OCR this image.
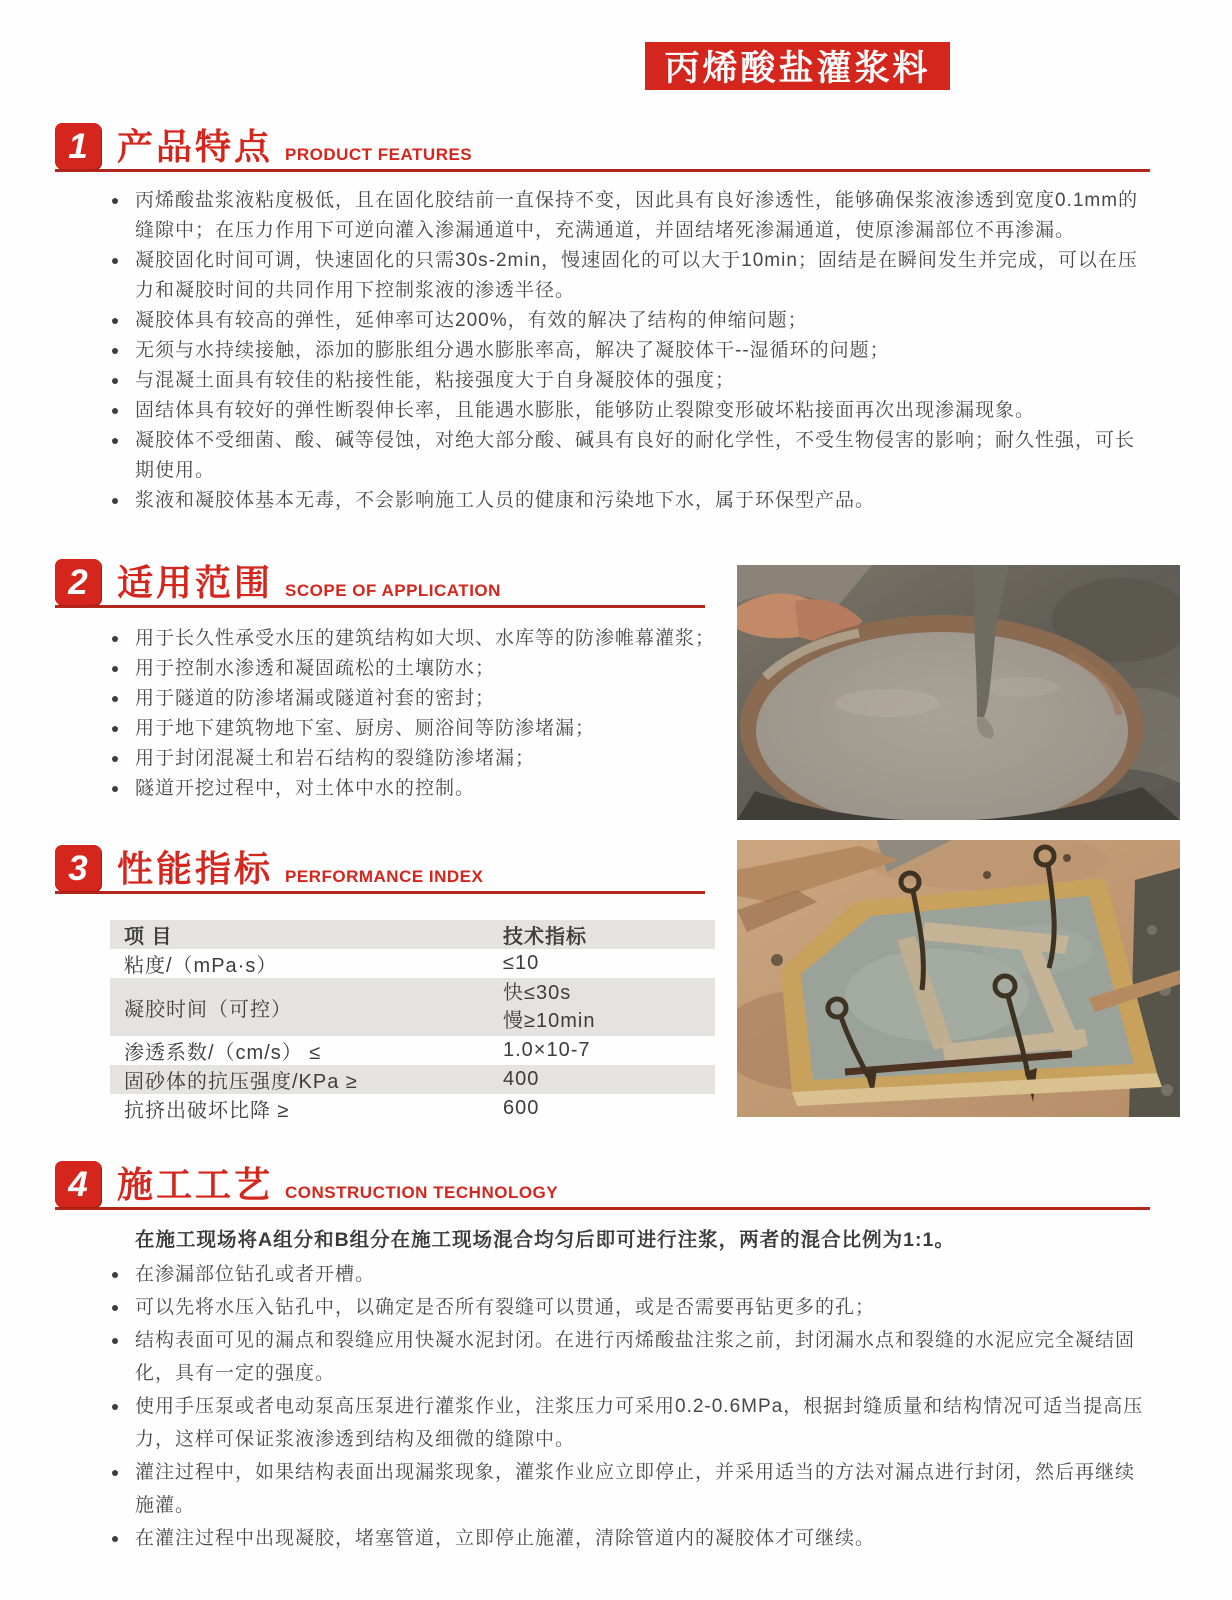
丙烯酸盐灌浆料
1 产品特点 PRODUCT FEATURES
丙烯酸盐浆液粘度极低，且在固化胶结前一直保持不变，因此具有良好渗透性，能够确保浆液渗透到宽度0.1mm的缝隙中；在压力作用下可逆向灌入渗漏通道中，充满通道，并固结堵死渗漏通道，使原渗漏部位不再渗漏。
凝胶固化时间可调，快速固化的只需30s-2min，慢速固化的可以大于10min；固结是在瞬间发生并完成，可以在压力和凝胶时间的共同作用下控制浆液的渗透半径。
凝胶体具有较高的弹性，延伸率可达200%，有效的解决了结构的伸缩问题；
无须与水持续接触，添加的膨胀组分遇水膨胀率高，解决了凝胶体干--湿循环的问题；
与混凝土面具有较佳的粘接性能，粘接强度大于自身凝胶体的强度；
固结体具有较好的弹性断裂伸长率，且能遇水膨胀，能够防止裂隙变形破坏粘接面再次出现渗漏现象。
凝胶体不受细菌、酸、碱等侵蚀，对绝大部分酸、碱具有良好的耐化学性，不受生物侵害的影响；耐久性强，可长期使用。
浆液和凝胶体基本无毒，不会影响施工人员的健康和污染地下水，属于环保型产品。
2 适用范围 SCOPE OF APPLICATION
用于长久性承受水压的建筑结构如大坝、水库等的防渗帷幕灌浆；
用于控制水渗透和凝固疏松的土壤防水；
用于隧道的防渗堵漏或隧道衬套的密封；
用于地下建筑物地下室、厨房、厕浴间等防渗堵漏；
用于封闭混凝土和岩石结构的裂缝防渗堵漏；
隧道开挖过程中，对土体中水的控制。
3 性能指标 PERFORMANCE INDEX
项 目	技术指标
粘度/（mPa·s）	≤10
凝胶时间（可控）	快≤30s
慢≥10min

渗透系数/（cm/s） ≤	1.0×10-7
固砂体的抗压强度/KPa ≥	400
抗挤出破坏比降 ≥	600
4 施工工艺 CONSTRUCTION TECHNOLOGY
在施工现场将A组分和B组分在施工现场混合均匀后即可进行注浆，两者的混合比例为1:1。
在渗漏部位钻孔或者开槽。
可以先将水压入钻孔中，以确定是否所有裂缝可以贯通，或是否需要再钻更多的孔；
结构表面可见的漏点和裂缝应用快凝水泥封闭。在进行丙烯酸盐注浆之前，封闭漏水点和裂缝的水泥应完全凝结固化，具有一定的强度。
使用手压泵或者电动泵高压泵进行灌浆作业，注浆压力可采用0.2-0.6MPa，根据封缝质量和结构情况可适当提高压力，这样可保证浆液渗透到结构及细微的缝隙中。
灌注过程中，如果结构表面出现漏浆现象，灌浆作业应立即停止，并采用适当的方法对漏点进行封闭，然后再继续施灌。
在灌注过程中出现凝胶，堵塞管道，立即停止施灌，清除管道内的凝胶体才可继续。
